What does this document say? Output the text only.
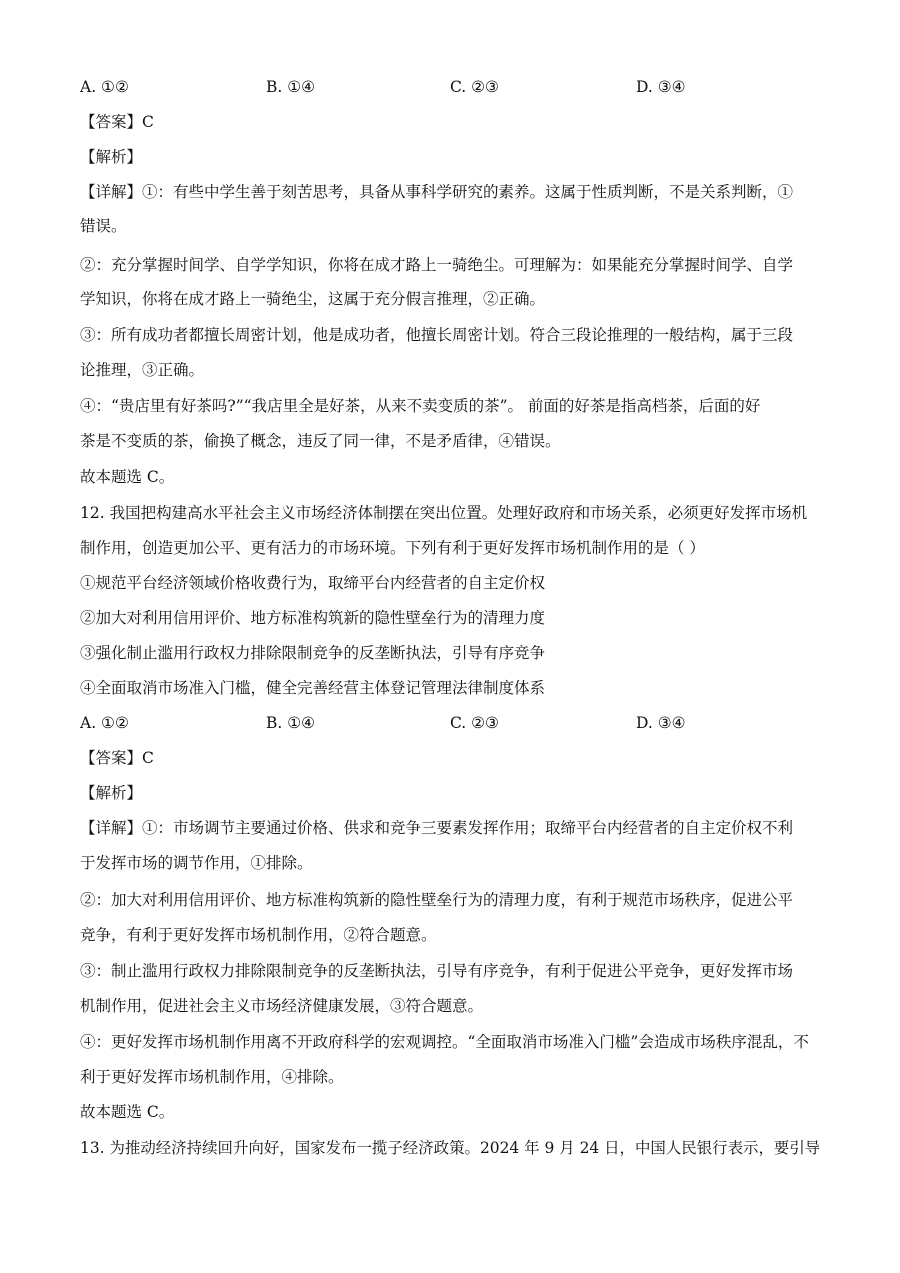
A. ①②	B. ①④	C. ②③	D. ③④
【答案】C
【解析】
【详解】①：有些中学生善于刻苦思考，具备从事科学研究的素养。这属于性质判断，不是关系判断，①
错误。
②：充分掌握时间学、自学学知识，你将在成才路上一骑绝尘。可理解为：如果能充分掌握时间学、自学
学知识，你将在成才路上一骑绝尘，这属于充分假言推理，②正确。
③：所有成功者都擅长周密计划，他是成功者，他擅长周密计划。符合三段论推理的一般结构，属于三段
论推理，③正确。
④：“贵店里有好茶吗?”“我店里全是好茶，从来不卖变质的茶”。 前面的好茶是指高档茶，后面的好
茶是不变质的茶，偷换了概念，违反了同一律，不是矛盾律，④错误。
故本题选 C。
12. 我国把构建高水平社会主义市场经济体制摆在突出位置。处理好政府和市场关系，必须更好发挥市场机
制作用，创造更加公平、更有活力的市场环境。下列有利于更好发挥市场机制作用的是（ ）
①规范平台经济领域价格收费行为，取缔平台内经营者的自主定价权
②加大对利用信用评价、地方标准构筑新的隐性壁垒行为的清理力度
③强化制止滥用行政权力排除限制竞争的反垄断执法，引导有序竞争
④全面取消市场准入门槛，健全完善经营主体登记管理法律制度体系
A. ①②	B. ①④	C. ②③	D. ③④
【答案】C
【解析】
【详解】①：市场调节主要通过价格、供求和竞争三要素发挥作用；取缔平台内经营者的自主定价权不利
于发挥市场的调节作用，①排除。
②：加大对利用信用评价、地方标准构筑新的隐性壁垒行为的清理力度，有利于规范市场秩序，促进公平
竞争，有利于更好发挥市场机制作用，②符合题意。
③：制止滥用行政权力排除限制竞争的反垄断执法，引导有序竞争，有利于促进公平竞争，更好发挥市场
机制作用，促进社会主义市场经济健康发展，③符合题意。
④：更好发挥市场机制作用离不开政府科学的宏观调控。“全面取消市场准入门槛”会造成市场秩序混乱，不
利于更好发挥市场机制作用，④排除。
故本题选 C。
13. 为推动经济持续回升向好，国家发布一揽子经济政策。2024 年 9 月 24 日，中国人民银行表示，要引导
